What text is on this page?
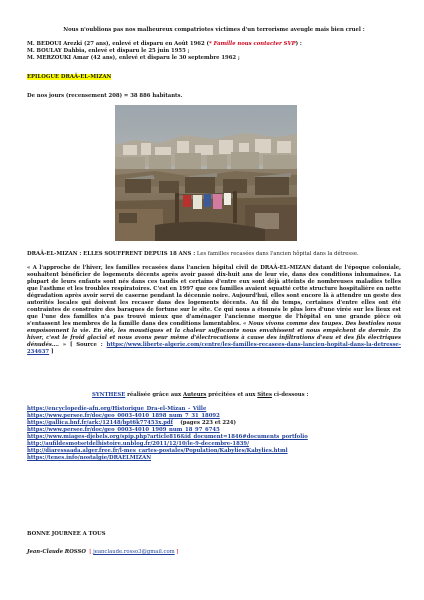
Nous n'oublions pas nos malheureux compatriotes victimes d'un terrorisme aveugle mais bien cruel :

M. BEDOUI Arezki (27 ans), enlevé et disparu en Août 1962 (* Famille nous contacter SVP) :

M. BOULAY Dahbia, enlevé et disparu le 25 juin 1955 ;

M. MERZOUKI Amar (42 ans), enlevé et disparu le 30 septembre 1962 ;

EPILOGUE DRAÂ-EL-MIZAN
De nos jours (recensement 208) = 38 886 habitants.
DRAÂ-EL-MIZAN : ELLES SOUFFRENT DEPUIS 18 ANS : Les familles recasées dans l'ancien hôpital dans la détresse.
« A l'approche de l'hiver, les familles recasées dans l'ancien hôpital civil de DRAÂ-EL-MIZAN datant de l'époque coloniale, souhaitent bénéficier de logements décents après avoir passé dix-huit ans de leur vie, dans des conditions inhumaines. La plupart de leurs enfants sont nés dans ces taudis et certains d'entre eux sont déjà atteints de nombreuses maladies telles que l'asthme et les troubles respiratoires. C'est en 1997 que ces familles avaient squatté cette structure hospitalière en nette dégradation après avoir servi de caserne pendant la décennie noire. Aujourd'hui, elles sont encore là à attendre un geste des autorités locales qui doivent les recaser dans des logements décents. Au fil du temps, certaines d'entre elles ont été contraintes de construire des baraques de fortune sur le site. Ce qui nous a étonnés le plus lors d'une virée sur les lieux est que l'une des familles n'a pas trouvé mieux que d'aménager l'ancienne morgue de l'hôpital en une grande pièce où s'entassent les membres de la famille dans des conditions lamentables. « Nous vivons comme des taupes. Des bestioles nous empoisonnent la vie. En été, les moustiques et la chaleur suffocante nous envahissent et nous empêchent de dormir. En hiver, c'est le froid glacial et nous avons peur même d'électrocutions à cause des infiltrations d'eau et des fils électriques dénudés…. » [ Source : https://www.liberte-algerie.com/centre/les-familles-recasees-dans-lancien-hopital-dans-la-detresse-234637 ]
SYNTHESE réalisée grâce aux Auteurs précitées et aux Sites ci-dessous :

https://encyclopedie-afn.org/Historique_Dra-el-Mizan_-_Ville

https://www.persee.fr/doc/geo_0003-4010_1898_num_7_31_18092

https://gallica.bnf.fr/ark:/12148/bpt6k77453x.pdf    (pages 223 et 224)

https://www.persee.fr/doc/geo_0003-4010_1909_num_18_97_6745

https://www.miages-djebels.org/spip.php?article816&id_document=1846#documents_portfolio

http://aufildesmotsetdelhistoire.unblog.fr/2011/12/10/le-9-decembre-1839/

http://diaressaada.alger.free.fr/l-mes_cartes-postales/Population/Kabylies/Kabylies.html

https://tenes.info/nostalgie/DRAELMIZAN

BONNE JOURNEE A TOUS
Jean-Claude ROSSO  [ jeanclaude.rosso3@gmail.com ]
